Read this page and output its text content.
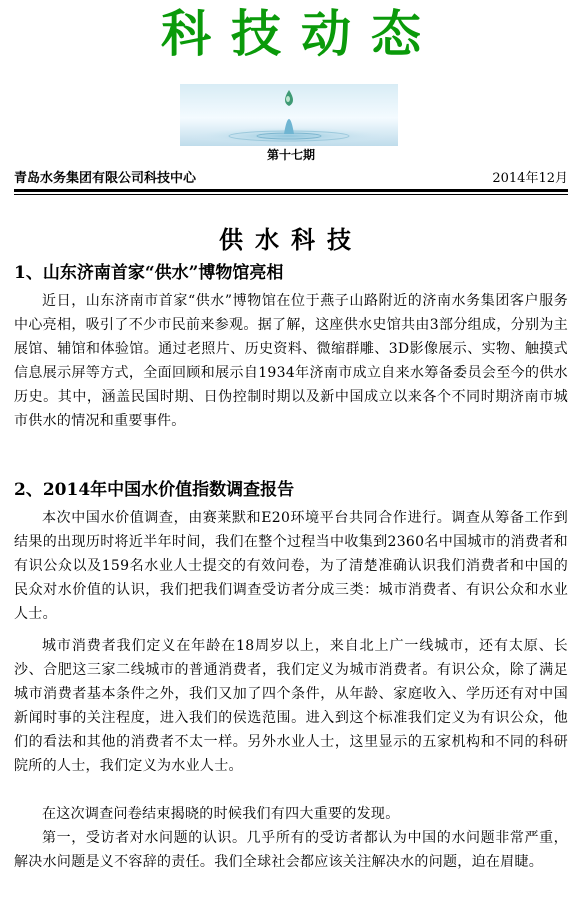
科技动态
第十七期
青岛水务集团有限公司科技中心	2014年12月
供水科技
1、山东济南首家“供水”博物馆亮相
近日，山东济南市首家“供水”博物馆在位于燕子山路附近的济南水务集团客户服务中心亮相，吸引了不少市民前来参观。据了解，这座供水史馆共由3部分组成，分别为主展馆、辅馆和体验馆。通过老照片、历史资料、微缩群雕、3D影像展示、实物、触摸式信息展示屏等方式，全面回顾和展示自1934年济南市成立自来水筹备委员会至今的供水历史。其中，涵盖民国时期、日伪控制时期以及新中国成立以来各个不同时期济南市城市供水的情况和重要事件。
2、2014年中国水价值指数调查报告
本次中国水价值调查，由赛莱默和E20环境平台共同合作进行。调查从筹备工作到结果的出现历时将近半年时间，我们在整个过程当中收集到2360名中国城市的消费者和有识公众以及159名水业人士提交的有效问卷，为了清楚准确认识我们消费者和中国的民众对水价值的认识，我们把我们调查受访者分成三类：城市消费者、有识公众和水业人士。
城市消费者我们定义在年龄在18周岁以上，来自北上广一线城市，还有太原、长沙、合肥这三家二线城市的普通消费者，我们定义为城市消费者。有识公众，除了满足城市消费者基本条件之外，我们又加了四个条件，从年龄、家庭收入、学历还有对中国新闻时事的关注程度，进入我们的侯选范围。进入到这个标准我们定义为有识公众，他们的看法和其他的消费者不太一样。另外水业人士，这里显示的五家机构和不同的科研院所的人士，我们定义为水业人士。
在这次调查问卷结束揭晓的时候我们有四大重要的发现。
第一，受访者对水问题的认识。几乎所有的受访者都认为中国的水问题非常严重，解决水问题是义不容辞的责任。我们全球社会都应该关注解决水的问题，迫在眉睫。
